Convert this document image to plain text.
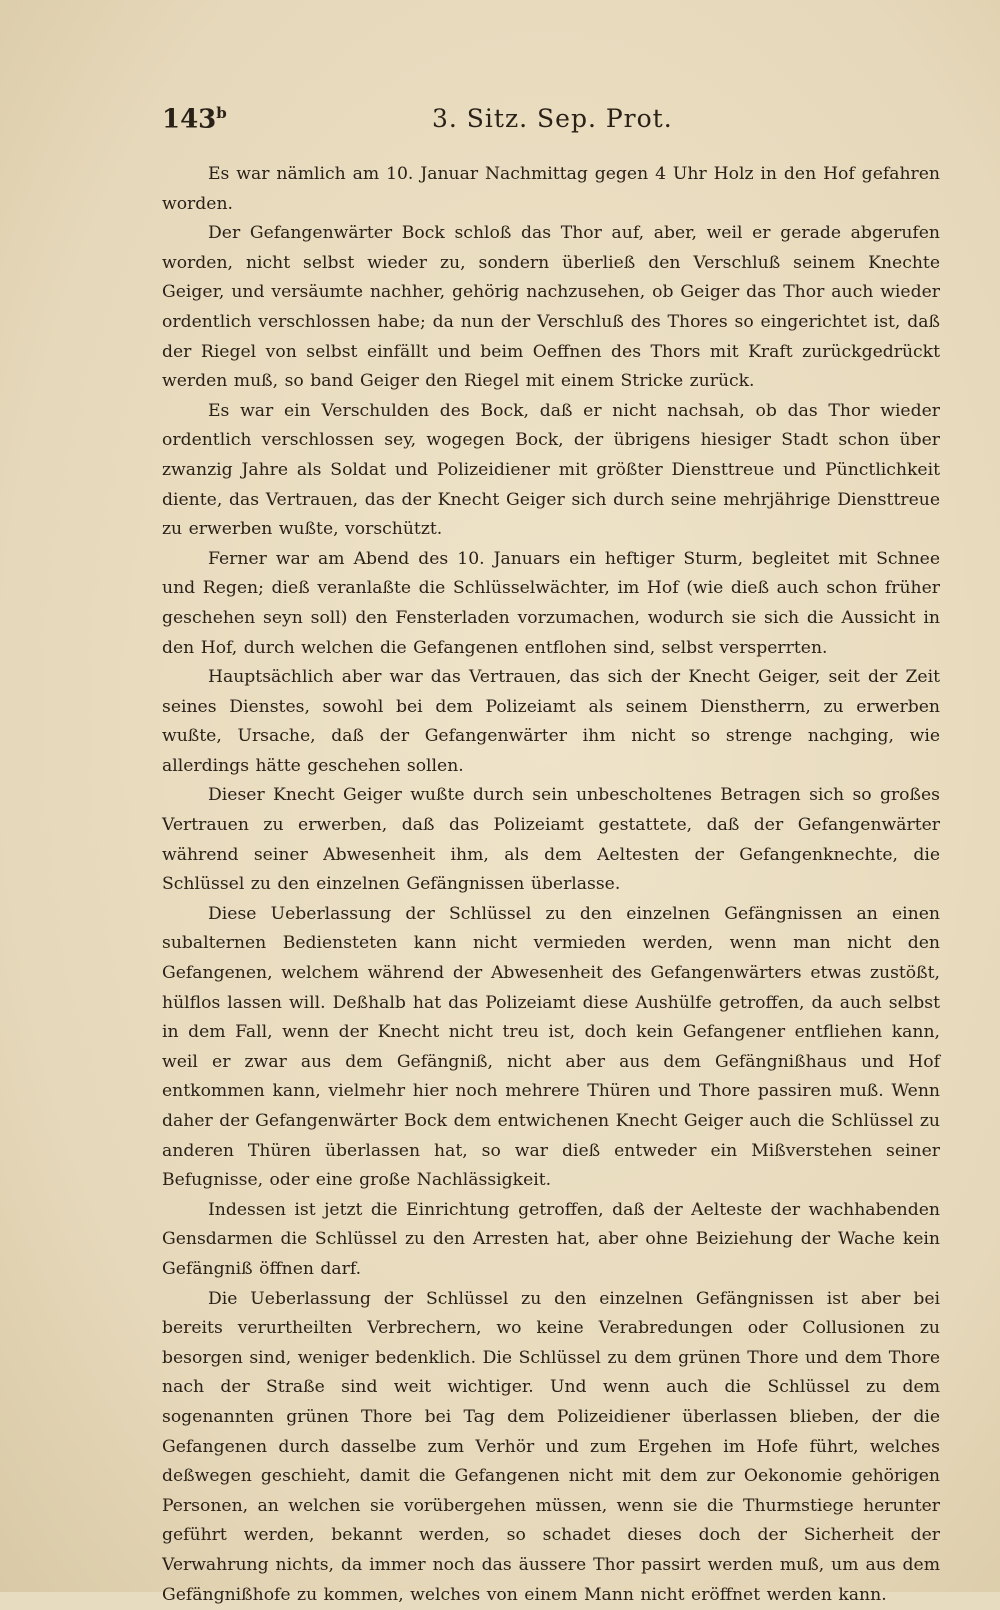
143$^b$	3. Sitz. Sep. Prot.

Es war nämlich am 10. Januar Nachmittag gegen 4 Uhr Holz in den Hof gefahren worden.

Der Gefangenwärter Bock schloß das Thor auf, aber, weil er gerade abgerufen worden, nicht selbst wieder zu, sondern überließ den Verschluß seinem Knechte Geiger, und versäumte nachher, gehörig nachzusehen, ob Geiger das Thor auch wieder ordentlich verschlossen habe; da nun der Verschluß des Thores so eingerichtet ist, daß der Riegel von selbst einfällt und beim Oeffnen des Thors mit Kraft zurückgedrückt werden muß, so band Geiger den Riegel mit einem Stricke zurück.

Es war ein Verschulden des Bock, daß er nicht nachsah, ob das Thor wieder ordentlich verschlossen sey, wogegen Bock, der übrigens hiesiger Stadt schon über zwanzig Jahre als Soldat und Polizeidiener mit größter Diensttreue und Pünctlichkeit diente, das Vertrauen, das der Knecht Geiger sich durch seine mehrjährige Diensttreue zu erwerben wußte, vorschützt.

Ferner war am Abend des 10. Januars ein heftiger Sturm, begleitet mit Schnee und Regen; dieß veranlaßte die Schlüsselwächter, im Hof (wie dieß auch schon früher geschehen seyn soll) den Fensterladen vorzumachen, wodurch sie sich die Aussicht in den Hof, durch welchen die Gefangenen entflohen sind, selbst versperrten.

Hauptsächlich aber war das Vertrauen, das sich der Knecht Geiger, seit der Zeit seines Dienstes, sowohl bei dem Polizeiamt als seinem Dienstherrn, zu erwerben wußte, Ursache, daß der Gefangenwärter ihm nicht so strenge nachging, wie allerdings hätte geschehen sollen.

Dieser Knecht Geiger wußte durch sein unbescholtenes Betragen sich so großes Vertrauen zu erwerben, daß das Polizeiamt gestattete, daß der Gefangenwärter während seiner Abwesenheit ihm, als dem Aeltesten der Gefangenknechte, die Schlüssel zu den einzelnen Gefängnissen überlasse.

Diese Ueberlassung der Schlüssel zu den einzelnen Gefängnissen an einen subalternen Bediensteten kann nicht vermieden werden, wenn man nicht den Gefangenen, welchem während der Abwesenheit des Gefangenwärters etwas zustößt, hülflos lassen will. Deßhalb hat das Polizeiamt diese Aushülfe getroffen, da auch selbst in dem Fall, wenn der Knecht nicht treu ist, doch kein Gefangener entfliehen kann, weil er zwar aus dem Gefängniß, nicht aber aus dem Gefängnißhaus und Hof entkommen kann, vielmehr hier noch mehrere Thüren und Thore passiren muß. Wenn daher der Gefangenwärter Bock dem entwichenen Knecht Geiger auch die Schlüssel zu anderen Thüren überlassen hat, so war dieß entweder ein Mißverstehen seiner Befugnisse, oder eine große Nachlässigkeit.

Indessen ist jetzt die Einrichtung getroffen, daß der Aelteste der wachhabenden Gensdarmen die Schlüssel zu den Arresten hat, aber ohne Beiziehung der Wache kein Gefängniß öffnen darf.

Die Ueberlassung der Schlüssel zu den einzelnen Gefängnissen ist aber bei bereits verurtheilten Verbrechern, wo keine Verabredungen oder Collusionen zu besorgen sind, weniger bedenklich. Die Schlüssel zu dem grünen Thore und dem Thore nach der Straße sind weit wichtiger. Und wenn auch die Schlüssel zu dem sogenannten grünen Thore bei Tag dem Polizeidiener überlassen blieben, der die Gefangenen durch dasselbe zum Verhör und zum Ergehen im Hofe führt, welches deßwegen geschieht, damit die Gefangenen nicht mit dem zur Oekonomie gehörigen Personen, an welchen sie vorübergehen müssen, wenn sie die Thurmstiege herunter geführt werden, bekannt werden, so schadet dieses doch der Sicherheit der Verwahrung nichts, da immer noch das äussere Thor passirt werden muß, um aus dem Gefängnißhofe zu kommen, welches von einem Mann nicht eröffnet werden kann.
